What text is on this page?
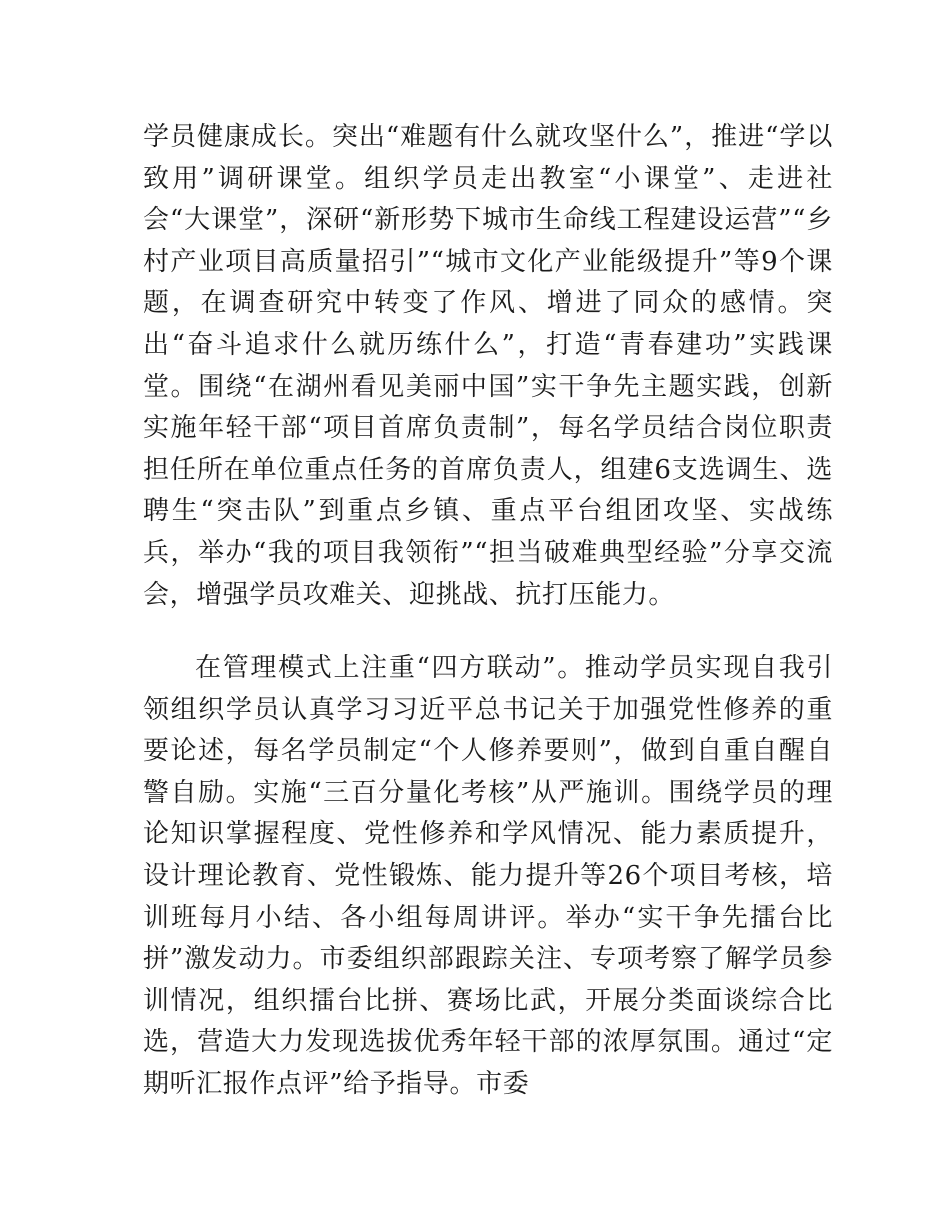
学员健康成长。突出“难题有什么就攻坚什么”，推进“学以致用”调研课堂。组织学员走出教室“小课堂”、走进社会“大课堂”，深研“新形势下城市生命线工程建设运营”“乡村产业项目高质量招引”“城市文化产业能级提升”等9个课题，在调查研究中转变了作风、增进了同众的感情。突出“奋斗追求什么就历练什么”，打造“青春建功”实践课堂。围绕“在湖州看见美丽中国”实干争先主题实践，创新实施年轻干部“项目首席负责制”，每名学员结合岗位职责担任所在单位重点任务的首席负责人，组建6支选调生、选聘生“突击队”到重点乡镇、重点平台组团攻坚、实战练兵，举办“我的项目我领衔”“担当破难典型经验”分享交流会，增强学员攻难关、迎挑战、抗打压能力。

在管理模式上注重“四方联动”。推动学员实现自我引领组织学员认真学习习近平总书记关于加强党性修养的重要论述，每名学员制定“个人修养要则”，做到自重自醒自警自励。实施“三百分量化考核”从严施训。围绕学员的理论知识掌握程度、党性修养和学风情况、能力素质提升，设计理论教育、党性锻炼、能力提升等26个项目考核，培训班每月小结、各小组每周讲评。举办“实干争先擂台比拼”激发动力。市委组织部跟踪关注、专项考察了解学员参训情况，组织擂台比拼、赛场比武，开展分类面谈综合比选，营造大力发现选拔优秀年轻干部的浓厚氛围。通过“定期听汇报作点评”给予指导。市委
